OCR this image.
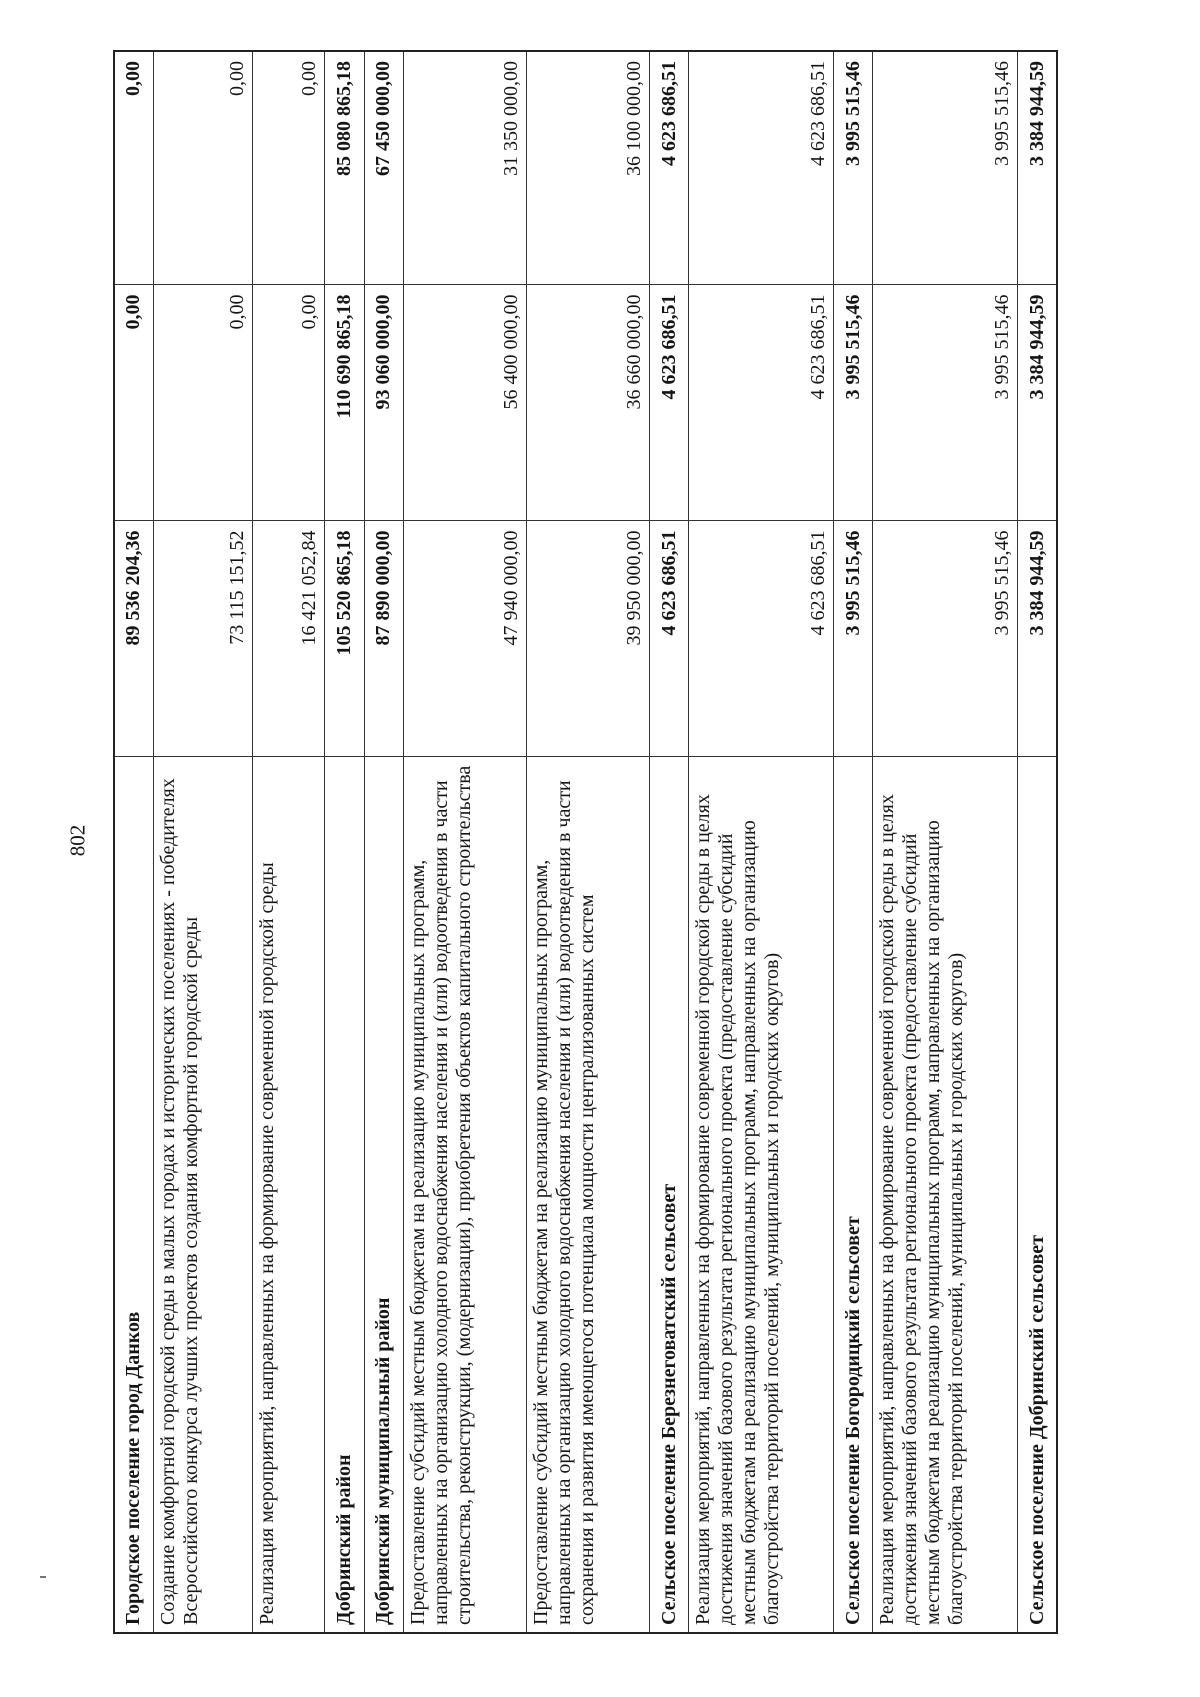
802
Городское поселение город Данков	89 536 204,36	0,00	0,00
Создание комфортной городской среды в малых городах и исторических поселениях - победителях Всероссийского конкурса лучших проектов создания комфортной городской среды	73 115 151,52	0,00	0,00
Реализация мероприятий, направленных на формирование современной городской среды	16 421 052,84	0,00	0,00
Добринский район	105 520 865,18	110 690 865,18	85 080 865,18
Добринский муниципальный район	87 890 000,00	93 060 000,00	67 450 000,00
Предоставление субсидий местным бюджетам на реализацию муниципальных программ, направленных на организацию холодного водоснабжения населения и (или) водоотведения в части строительства, реконструкции, (модернизации), приобретения объектов капитального строительства	47 940 000,00	56 400 000,00	31 350 000,00
Предоставление субсидий местным бюджетам на реализацию муниципальных программ, направленных на организацию холодного водоснабжения населения и (или) водоотведения в части сохранения и развития имеющегося потенциала мощности централизованных систем	39 950 000,00	36 660 000,00	36 100 000,00
Сельское поселение Березнеговатский сельсовет	4 623 686,51	4 623 686,51	4 623 686,51
Реализация мероприятий, направленных на формирование современной городской среды в целях достижения значений базового результата регионального проекта (предоставление субсидий местным бюджетам на реализацию муниципальных программ, направленных на организацию благоустройства территорий поселений, муниципальных и городских округов)	4 623 686,51	4 623 686,51	4 623 686,51
Сельское поселение Богородицкий сельсовет	3 995 515,46	3 995 515,46	3 995 515,46
Реализация мероприятий, направленных на формирование современной городской среды в целях достижения значений базового результата регионального проекта (предоставление субсидий местным бюджетам на реализацию муниципальных программ, направленных на организацию благоустройства территорий поселений, муниципальных и городских округов)	3 995 515,46	3 995 515,46	3 995 515,46
Сельское поселение Добринский сельсовет	3 384 944,59	3 384 944,59	3 384 944,59
